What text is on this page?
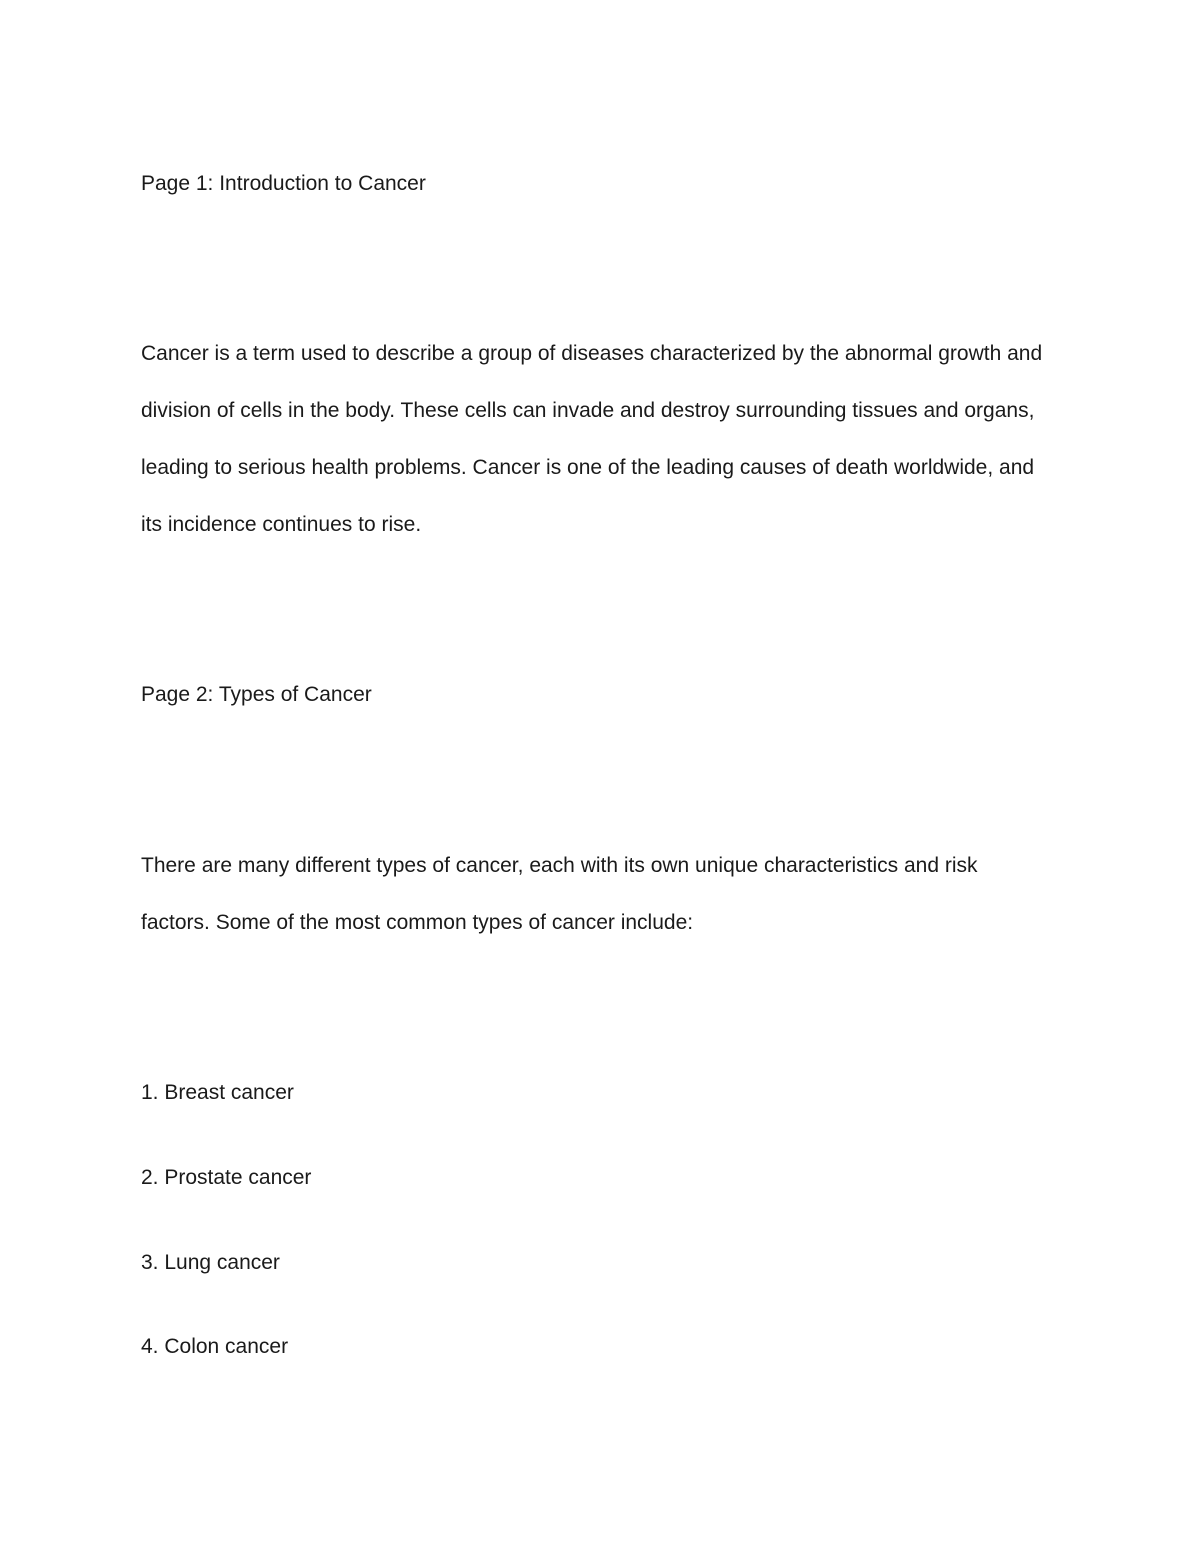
Page 1: Introduction to Cancer
Cancer is a term used to describe a group of diseases characterized by the abnormal growth and
division of cells in the body. These cells can invade and destroy surrounding tissues and organs,
leading to serious health problems. Cancer is one of the leading causes of death worldwide, and
its incidence continues to rise.
Page 2: Types of Cancer
There are many different types of cancer, each with its own unique characteristics and risk
factors. Some of the most common types of cancer include:
1. Breast cancer
2. Prostate cancer
3. Lung cancer
4. Colon cancer
